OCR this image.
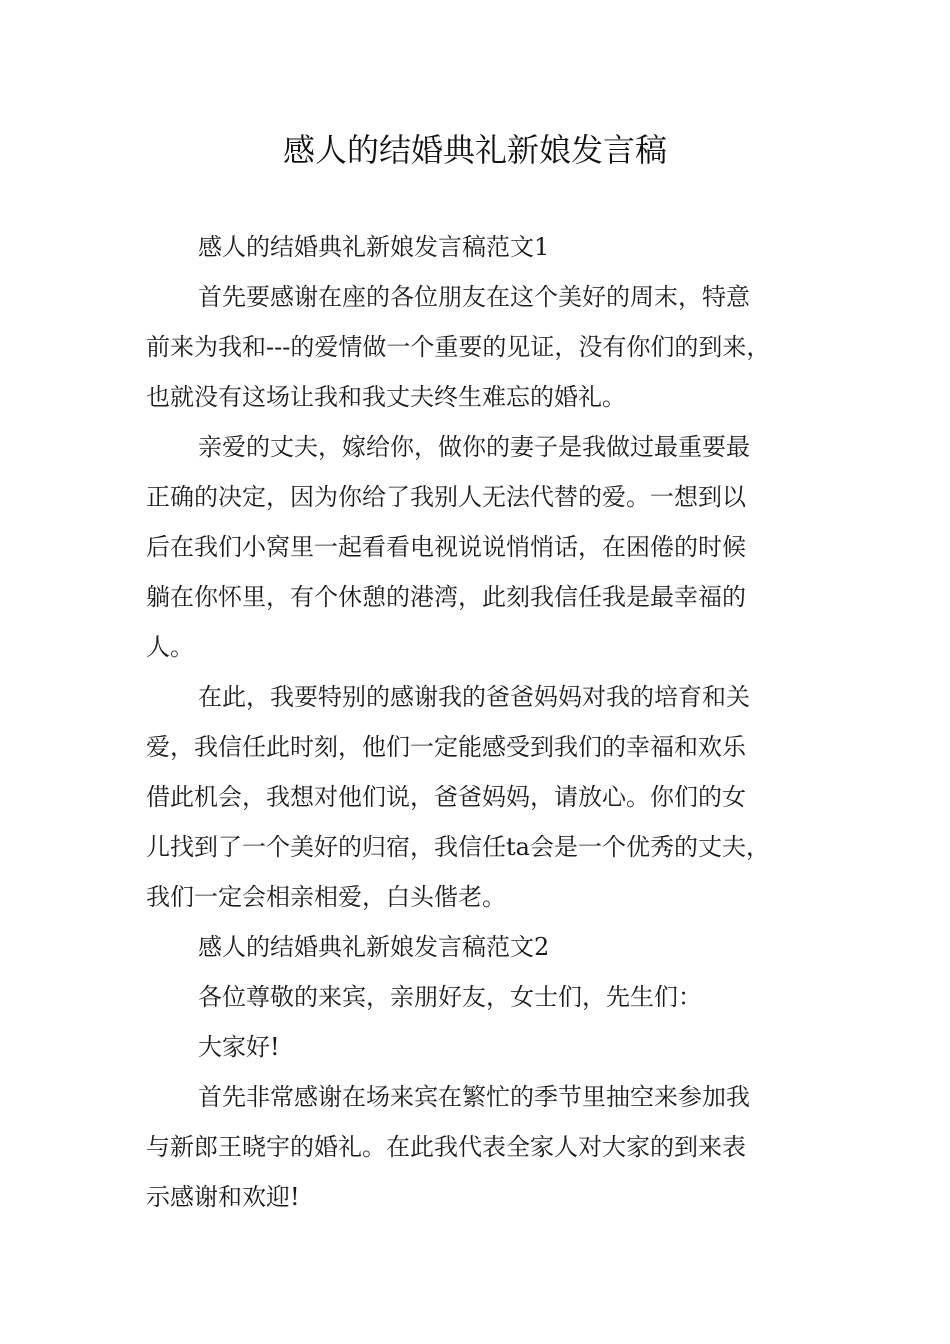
感人的结婚典礼新娘发言稿
感人的结婚典礼新娘发言稿范文1
首先要感谢在座的各位朋友在这个美好的周末，特意
前来为我和---的爱情做一个重要的见证，没有你们的到来，
也就没有这场让我和我丈夫终生难忘的婚礼。
亲爱的丈夫，嫁给你，做你的妻子是我做过最重要最
正确的决定，因为你给了我别人无法代替的爱。一想到以
后在我们小窝里一起看看电视说说悄悄话，在困倦的时候
躺在你怀里，有个休憩的港湾，此刻我信任我是最幸福的
人。
在此，我要特别的感谢我的爸爸妈妈对我的培育和关
爱，我信任此时刻，他们一定能感受到我们的幸福和欢乐
借此机会，我想对他们说，爸爸妈妈，请放心。你们的女
儿找到了一个美好的归宿，我信任ta会是一个优秀的丈夫，
我们一定会相亲相爱，白头偕老。
感人的结婚典礼新娘发言稿范文2
各位尊敬的来宾，亲朋好友，女士们，先生们：
大家好!
首先非常感谢在场来宾在繁忙的季节里抽空来参加我
与新郎王晓宇的婚礼。在此我代表全家人对大家的到来表
示感谢和欢迎!
